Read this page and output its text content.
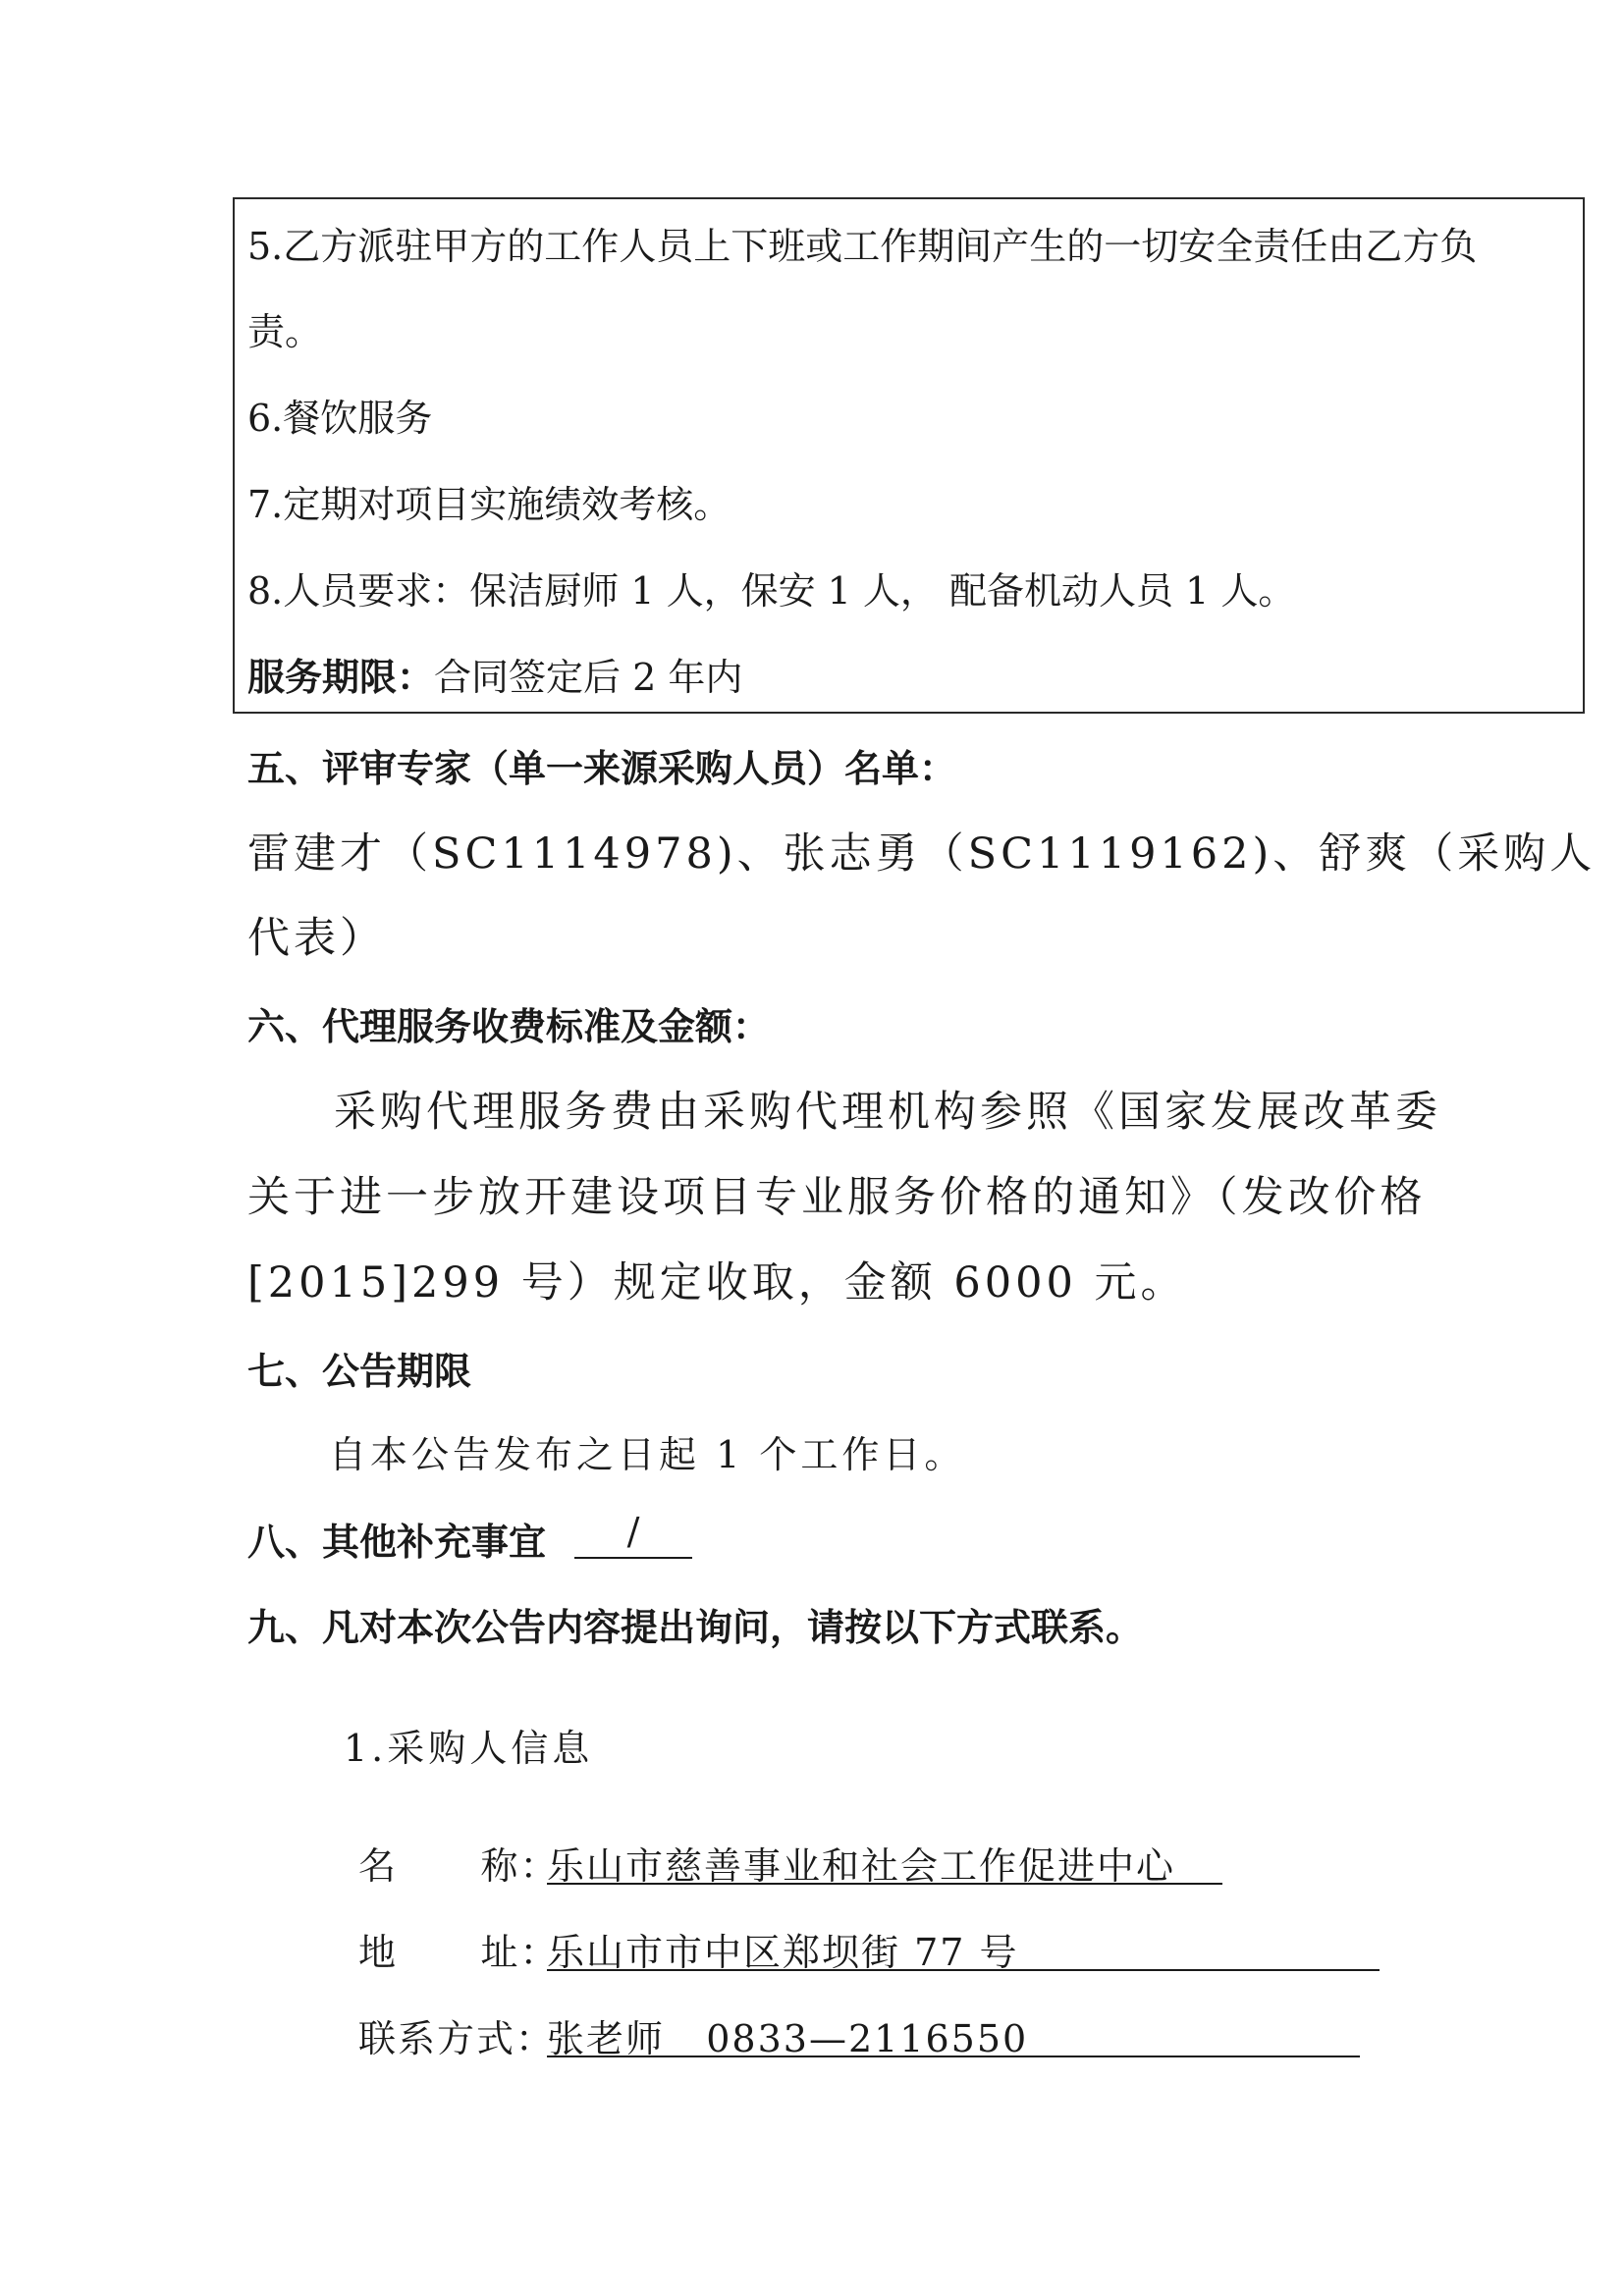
5.乙方派驻甲方的工作人员上下班或工作期间产生的一切安全责任由乙方负
责。
6.餐饮服务
7.定期对项目实施绩效考核。
8.人员要求：保洁厨师 1 人，保安 1 人， 配备机动人员 1 人。
服务期限：合同签定后 2 年内
五、评审专家（单一来源采购人员）名单：
雷建才（SC1114978)、张志勇（SC1119162)、舒爽（采购人
代表）
六、代理服务收费标准及金额：
采购代理服务费由采购代理机构参照《国家发展改革委
关于进一步放开建设项目专业服务价格的通知》（发改价格
[2015]299 号）规定收取，金额 6000 元。
七、公告期限
自本公告发布之日起 1 个工作日。
八、其他补充事宜	/
九、凡对本次公告内容提出询问，请按以下方式联系。
1.采购人信息
名      称：
乐山市慈善事业和社会工作促进中心
地      址：
乐山市市中区郑坝街 77 号
联系方式：
张老师   0833—2116550
